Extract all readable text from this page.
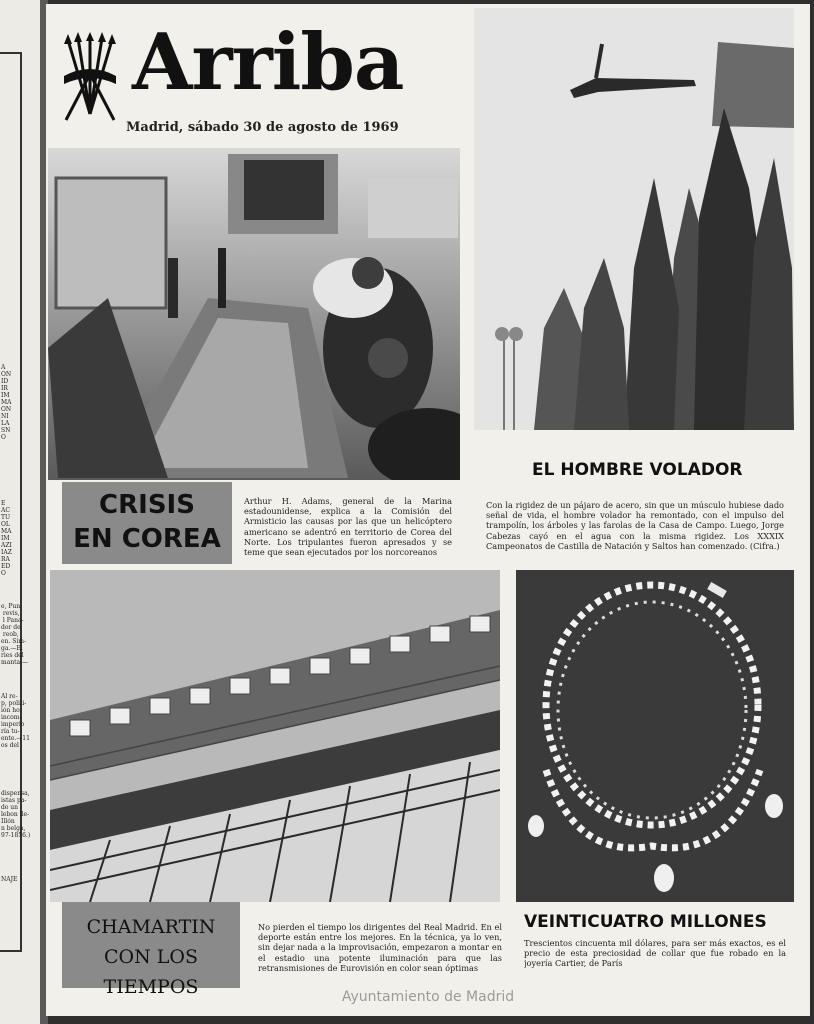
A
ON
ID
IR
IM
MA
ON
NI
LA
SN
O
E
AC
TU
OL
MA
IM
AZI
IAZ
RA
ED
O
e, Pun-
revis,
l Pana-
dor de
reob,
en. Sim-
ga.—El
ries del
manta.—
Al re-
p, politi-
ión ho-
incom-
imperio
ría tu-
ente.—11
os del
dispensa,
istas pa-
de un
lebon lle-
Illón
n belga,
97-1856.)
NAJE
Arriba
Madrid, sábado 30 de agosto de 1969
CRISIS
EN COREA
Arthur H. Adams, general de la Marina estadounidense, explica a la Comisión del Armisticio las causas por las que un helicóptero americano se adentró en territorio de Corea del Norte. Los tripulantes fueron apresados y se teme que sean ejecutados por los norcoreanos
EL HOMBRE VOLADOR
Con la rigidez de un pájaro de acero, sin que un músculo hubiese dado señal de vida, el hombre volador ha remontado, con el impulso del trampolín, los árboles y las farolas de la Casa de Campo. Luego, Jorge Cabezas cayó en el agua con la misma rigidez. Los XXXIX Campeonatos de Castilla de Natación y Saltos han comenzado. (Cifra.)
CHAMARTIN
CON LOS TIEMPOS
No pierden el tiempo los dirigentes del Real Madrid. En el deporte están entre los mejores. En la técnica, ya lo ven, sin dejar nada a la improvisación, empezaron a montar en el estadio una potente iluminación para que las retransmisiones de Eurovisión en color sean óptimas
VEINTICUATRO MILLONES
Trescientos cincuenta mil dólares, para ser más exactos, es el precio de esta preciosidad de collar que fue robado en la joyería Cartier, de París
Ayuntamiento de Madrid
